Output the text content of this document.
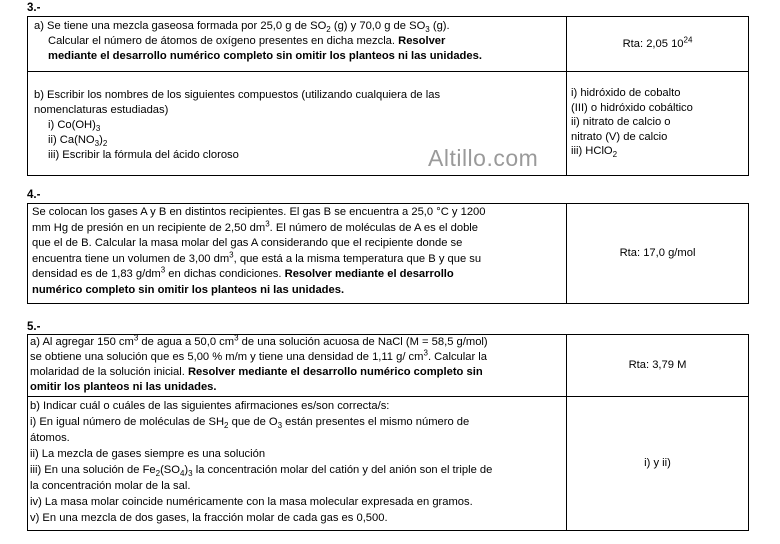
3.-

a) Se tiene una mezcla gaseosa formada por 25,0 g de $SO_2$ (g) y 70,0 g de $SO_3$ (g).

Calcular el número de átomos de oxígeno presentes en dicha mezcla. Resolver

mediante el desarrollo numérico completo sin omitir los planteos ni las unidades.

Rta: 2,05 $10^{24}$

b) Escribir los nombres de los siguientes compuestos (utilizando cualquiera de las

nomenclaturas estudiadas)

i) $Co(OH)_3$

ii) $Ca(NO_3)_2$

iii) Escribir la fórmula del ácido cloroso

i) hidróxido de cobalto
(III) o hidróxido cobáltico
ii) nitrato de calcio o
nitrato (V) de calcio
iii) HClO$_2$
Altillo.com
4.-

Se colocan los gases A y B en distintos recipientes. El gas B se encuentra a 25,0 °C y 1200

mm Hg de presión en un recipiente de 2,50 $dm^3$. El número de moléculas de A es el doble

que el de B. Calcular la masa molar del gas A considerando que el recipiente donde se

encuentra tiene un volumen de 3,00 $dm^3$, que está a la misma temperatura que B y que su

densidad es de 1,83 $g/dm^3$ en dichas condiciones. Resolver mediante el desarrollo

numérico completo sin omitir los planteos ni las unidades.

Rta: 17,0 g/mol
5.-

a) Al agregar 150 $cm^3$ de agua a 50,0 $cm^3$ de una solución acuosa de NaCl (M = 58,5 g/mol)

se obtiene una solución que es 5,00 % m/m y tiene una densidad de 1,11 g/ $cm^3$. Calcular la

molaridad de la solución inicial. Resolver mediante el desarrollo numérico completo sin

omitir los planteos ni las unidades.

Rta: 3,79 M

b) Indicar cuál o cuáles de las siguientes afirmaciones es/son correcta/s:

i) En igual número de moléculas de $SH_2$ que de $O_3$ están presentes el mismo número de

átomos.

ii) La mezcla de gases siempre es una solución

iii) En una solución de $Fe_2(SO_4)_3$ la concentración molar del catión y del anión son el triple de

la concentración molar de la sal.

iv) La masa molar coincide numéricamente con la masa molecular expresada en gramos.

v) En una mezcla de dos gases, la fracción molar de cada gas es 0,500.

i) y ii)
